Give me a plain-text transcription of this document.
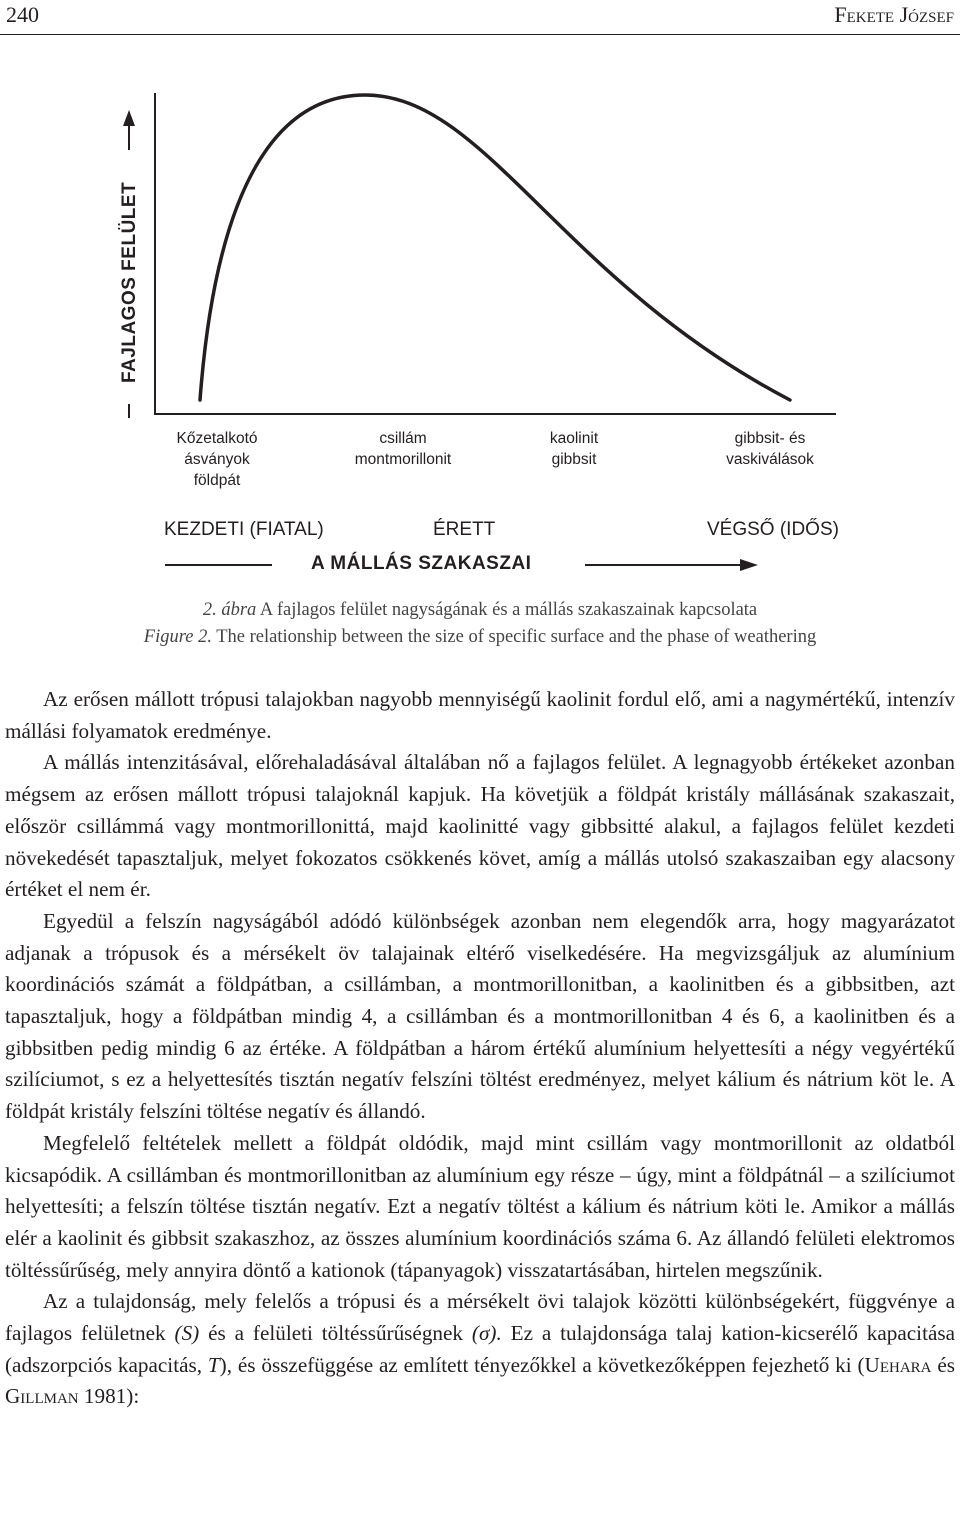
240	Fekete József
FAJLAGOS FELÜLET
Kőzetalkotó
ásványok
földpát
csillám
montmorillonit
kaolinit
gibbsit
gibbsit- és
vaskiválások
KEZDETI (FIATAL)	ÉRETT	VÉGSŐ (IDŐS)
A MÁLLÁS SZAKASZAI
2. ábra A fajlagos felület nagyságának és a mállás szakaszainak kapcsolata
Figure 2. The relationship between the size of specific surface and the phase of weathering

Az erősen mállott trópusi talajokban nagyobb mennyiségű kaolinit fordul elő, ami a nagymértékű, intenzív mállási folyamatok eredménye.

A mállás intenzitásával, előrehaladásával általában nő a fajlagos felület. A legnagyobb értékeket azonban mégsem az erősen mállott trópusi talajoknál kapjuk. Ha követjük a földpát kristály mállásának szakaszait, először csillámmá vagy montmorillonittá, majd kaolinitté vagy gibbsitté alakul, a fajlagos felület kezdeti növekedését tapasztaljuk, melyet fokozatos csökkenés követ, amíg a mállás utolsó szakaszaiban egy alacsony értéket el nem ér.

Egyedül a felszín nagyságából adódó különbségek azonban nem elegendők arra, hogy magyarázatot adjanak a trópusok és a mérsékelt öv talajainak eltérő viselkedésére. Ha megvizsgáljuk az alumínium koordinációs számát a földpátban, a csillámban, a montmorillonitban, a kaolinitben és a gibbsitben, azt tapasztaljuk, hogy a földpátban mindig 4, a csillámban és a montmorillonitban 4 és 6, a kaolinitben és a gibbsitben pedig mindig 6 az értéke. A földpátban a három értékű alumínium helyettesíti a négy vegyértékű szilíciumot, s ez a helyettesítés tisztán negatív felszíni töltést eredményez, melyet kálium és nátrium köt le. A földpát kristály felszíni töltése negatív és állandó.

Megfelelő feltételek mellett a földpát oldódik, majd mint csillám vagy montmorillonit az oldatból kicsapódik. A csillámban és montmorillonitban az alumínium egy része – úgy, mint a földpátnál – a szilíciumot helyettesíti; a felszín töltése tisztán negatív. Ezt a negatív töltést a kálium és nátrium köti le. Amikor a mállás elér a kaolinit és gibbsit szakaszhoz, az összes alumínium koordinációs száma 6. Az állandó felületi elektromos töltéssűrűség, mely annyira döntő a kationok (tápanyagok) visszatartásában, hirtelen megszűnik.

Az a tulajdonság, mely felelős a trópusi és a mérsékelt övi talajok közötti különbségekért, függvénye a fajlagos felületnek (S) és a felületi töltéssűrűségnek (σ). Ez a tulajdonsága talaj kation-kicserélő kapacitása (adszorpciós kapacitás, T), és összefüggése az említett tényezőkkel a következőképpen fejezhető ki (Uehara és Gillman 1981):
